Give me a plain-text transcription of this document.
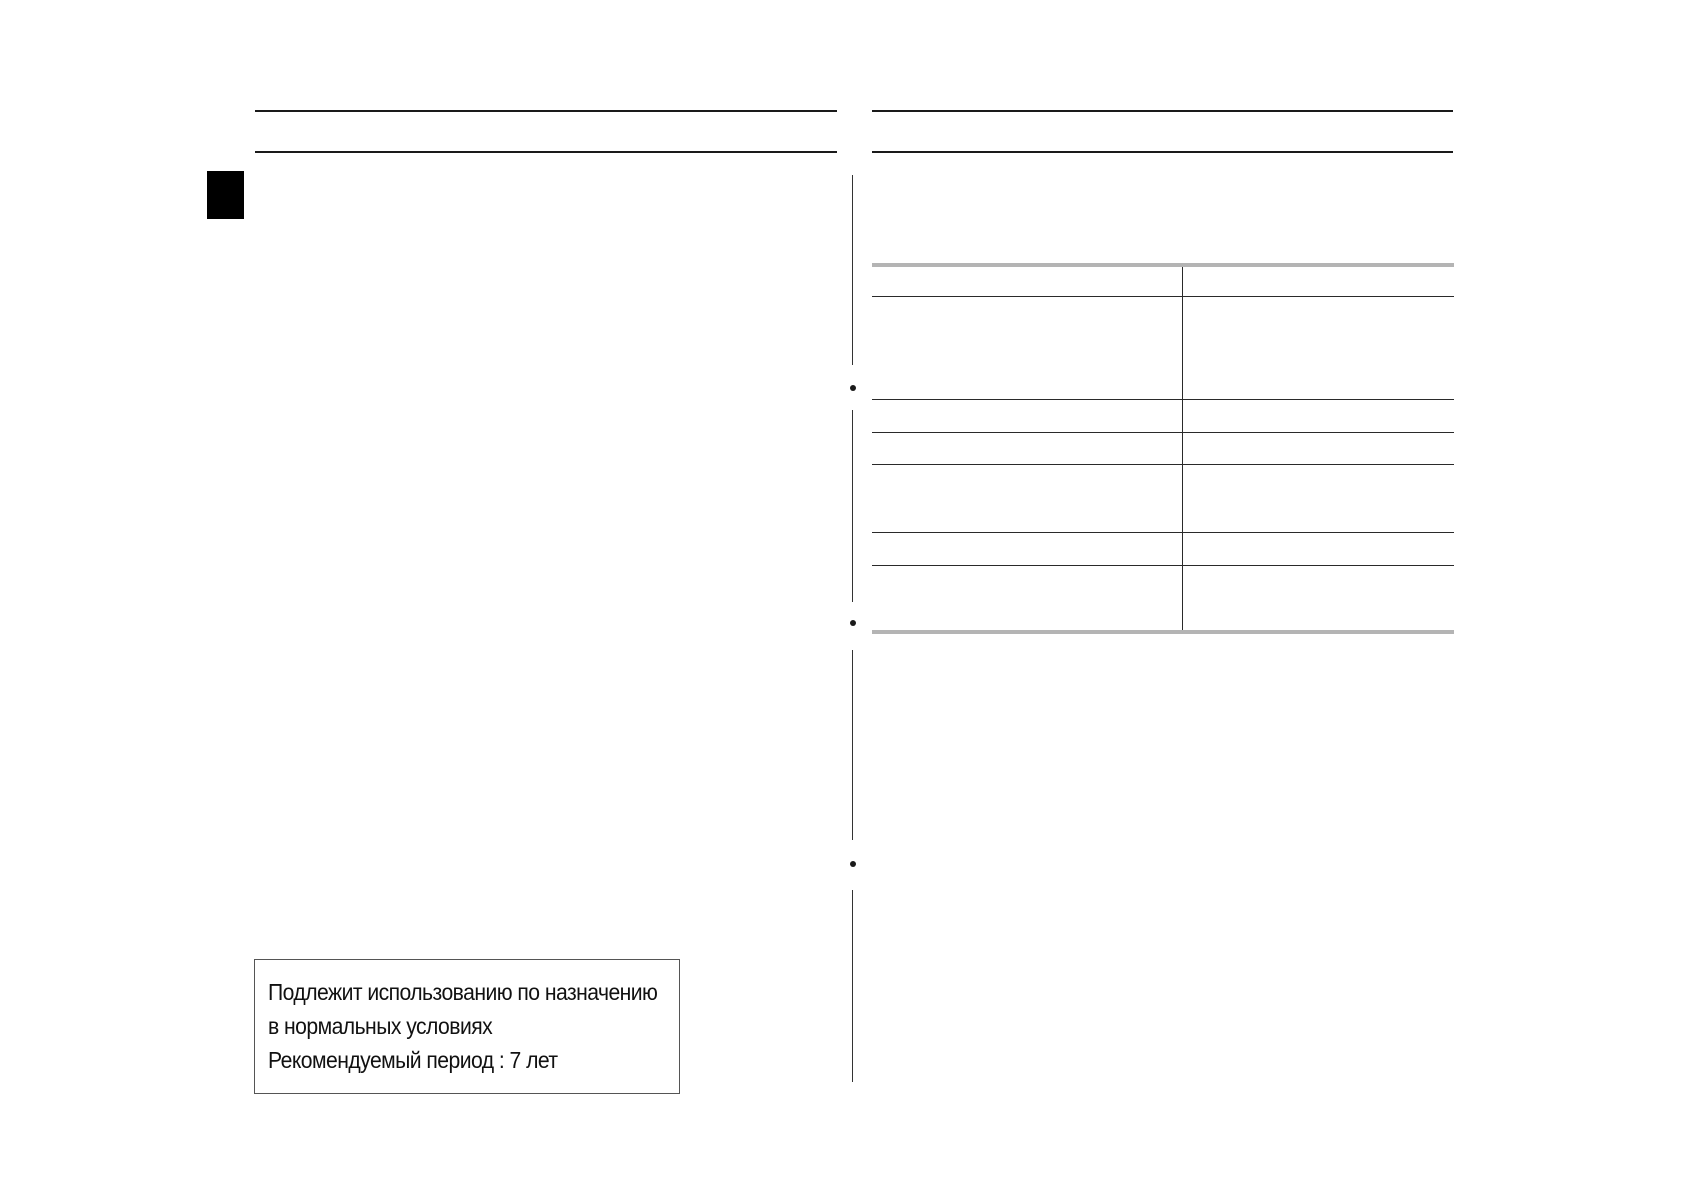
Подлежит использованию по назначению
в нормальных условиях
Рекомендуемый период : 7 лет
